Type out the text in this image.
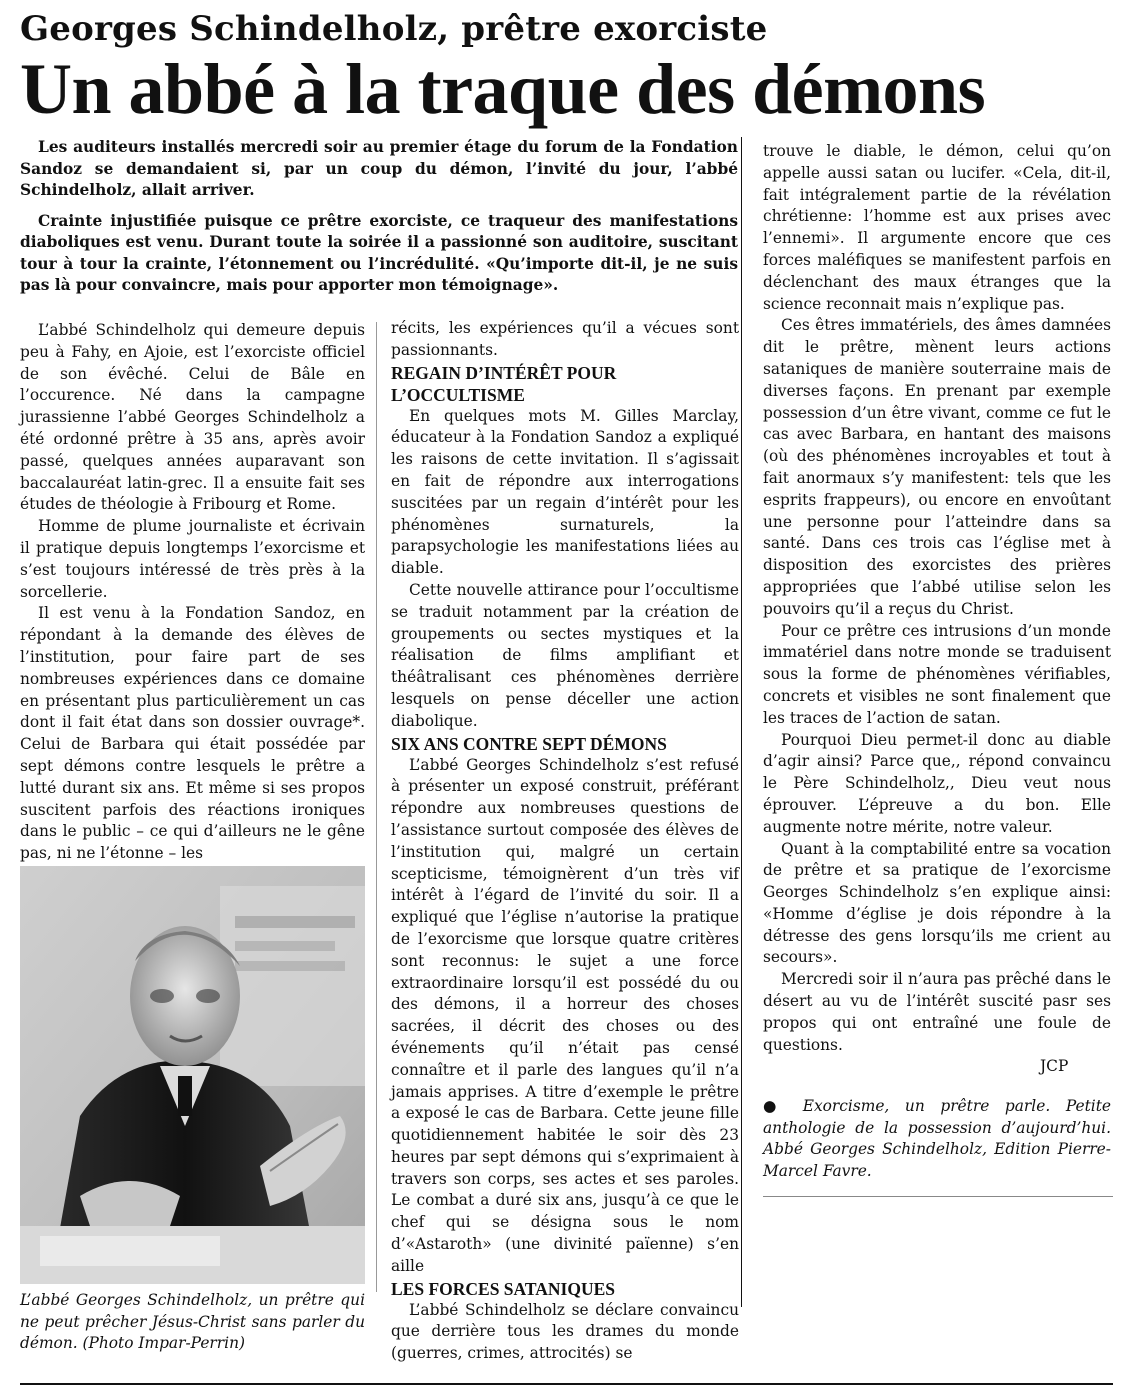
Georges Schindelholz, prêtre exorciste
Un abbé à la traque des démons

Les auditeurs installés mercredi soir au premier étage du forum de la Fondation Sandoz se demandaient si, par un coup du démon, l’invité du jour, l’abbé Schindelholz, allait arriver.

Crainte injustifiée puisque ce prêtre exorciste, ce traqueur des manifestations diaboliques est venu. Durant toute la soirée il a passionné son auditoire, suscitant tour à tour la crainte, l’étonnement ou l’incrédulité. «Qu’importe dit-il, je ne suis pas là pour convaincre, mais pour apporter mon témoignage».

L’abbé Schindelholz qui demeure depuis peu à Fahy, en Ajoie, est l’exorciste officiel de son évêché. Celui de Bâle en l’occurence. Né dans la campagne jurassienne l’abbé Georges Schindelholz a été ordonné prêtre à 35 ans, après avoir passé, quelques années auparavant son baccalauréat latin-grec. Il a ensuite fait ses études de théologie à Fribourg et Rome.

Homme de plume journaliste et écrivain il pratique depuis longtemps l’exorcisme et s’est toujours intéressé de très près à la sorcellerie.

Il est venu à la Fondation Sandoz, en répondant à la demande des élèves de l’institution, pour faire part de ses nombreuses expériences dans ce domaine en présentant plus particulièrement un cas dont il fait état dans son dossier ouvrage*. Celui de Barbara qui était possédée par sept démons contre lesquels le prêtre a lutté durant six ans. Et même si ses propos suscitent parfois des réactions ironiques dans le public – ce qui d’ailleurs ne le gêne pas, ni ne l’étonne – les

L’abbé Georges Schindelholz, un prêtre qui ne peut prêcher Jésus-Christ sans parler du démon. (Photo Impar-Perrin)

récits, les expériences qu’il a vécues sont passionnants.

REGAIN D’INTÉRÊT POUR L’OCCULTISME

En quelques mots M. Gilles Marclay, éducateur à la Fondation Sandoz a expliqué les raisons de cette invitation. Il s’agissait en fait de répondre aux interrogations suscitées par un regain d’intérêt pour les phénomènes surnaturels, la parapsychologie les manifestations liées au diable.

Cette nouvelle attirance pour l’occultisme se traduit notamment par la création de groupements ou sectes mystiques et la réalisation de films amplifiant et théâtralisant ces phénomènes derrière lesquels on pense déceller une action diabolique.

SIX ANS CONTRE SEPT DÉMONS

L’abbé Georges Schindelholz s’est refusé à présenter un exposé construit, préférant répondre aux nombreuses questions de l’assistance surtout composée des élèves de l’institution qui, malgré un certain scepticisme, témoignèrent d’un très vif intérêt à l’égard de l’invité du soir. Il a expliqué que l’église n’autorise la pratique de l’exorcisme que lorsque quatre critères sont reconnus: le sujet a une force extraordinaire lorsqu’il est possédé du ou des démons, il a horreur des choses sacrées, il décrit des choses ou des événements qu’il n’était pas censé connaître et il parle des langues qu’il n’a jamais apprises. A titre d’exemple le prêtre a exposé le cas de Barbara. Cette jeune fille quotidiennement habitée le soir dès 23 heures par sept démons qui s’exprimaient à travers son corps, ses actes et ses paroles. Le combat a duré six ans, jusqu’à ce que le chef qui se désigna sous le nom d’«Astaroth» (une divinité païenne) s’en aille

LES FORCES SATANIQUES

L’abbé Schindelholz se déclare convaincu que derrière tous les drames du monde (guerres, crimes, attrocités) se

trouve le diable, le démon, celui qu’on appelle aussi satan ou lucifer. «Cela, dit-il, fait intégralement partie de la révélation chrétienne: l’homme est aux prises avec l’ennemi». Il argumente encore que ces forces maléfiques se manifestent parfois en déclenchant des maux étranges que la science reconnait mais n’explique pas.

Ces êtres immatériels, des âmes damnées dit le prêtre, mènent leurs actions sataniques de manière souterraine mais de diverses façons. En prenant par exemple possession d’un être vivant, comme ce fut le cas avec Barbara, en hantant des maisons (où des phénomènes incroyables et tout à fait anormaux s’y manifestent: tels que les esprits frappeurs), ou encore en envoûtant une personne pour l’atteindre dans sa santé. Dans ces trois cas l’église met à disposition des exorcistes des prières appropriées que l’abbé utilise selon les pouvoirs qu’il a reçus du Christ.

Pour ce prêtre ces intrusions d’un monde immatériel dans notre monde se traduisent sous la forme de phénomènes vérifiables, concrets et visibles ne sont finalement que les traces de l’action de satan.

Pourquoi Dieu permet-il donc au diable d’agir ainsi? Parce que,, répond convaincu le Père Schindelholz,, Dieu veut nous éprouver. L’épreuve a du bon. Elle augmente notre mérite, notre valeur.

Quant à la comptabilité entre sa vocation de prêtre et sa pratique de l’exorcisme Georges Schindelholz s’en explique ainsi: «Homme d’église je dois répondre à la détresse des gens lorsqu’ils me crient au secours».

Mercredi soir il n’aura pas prêché dans le désert au vu de l’intérêt suscité pasr ses propos qui ont entraîné une foule de questions.

JCP
● Exorcisme, un prêtre parle. Petite anthologie de la possession d’aujourd’hui. Abbé Georges Schindelholz, Edition Pierre-Marcel Favre.
